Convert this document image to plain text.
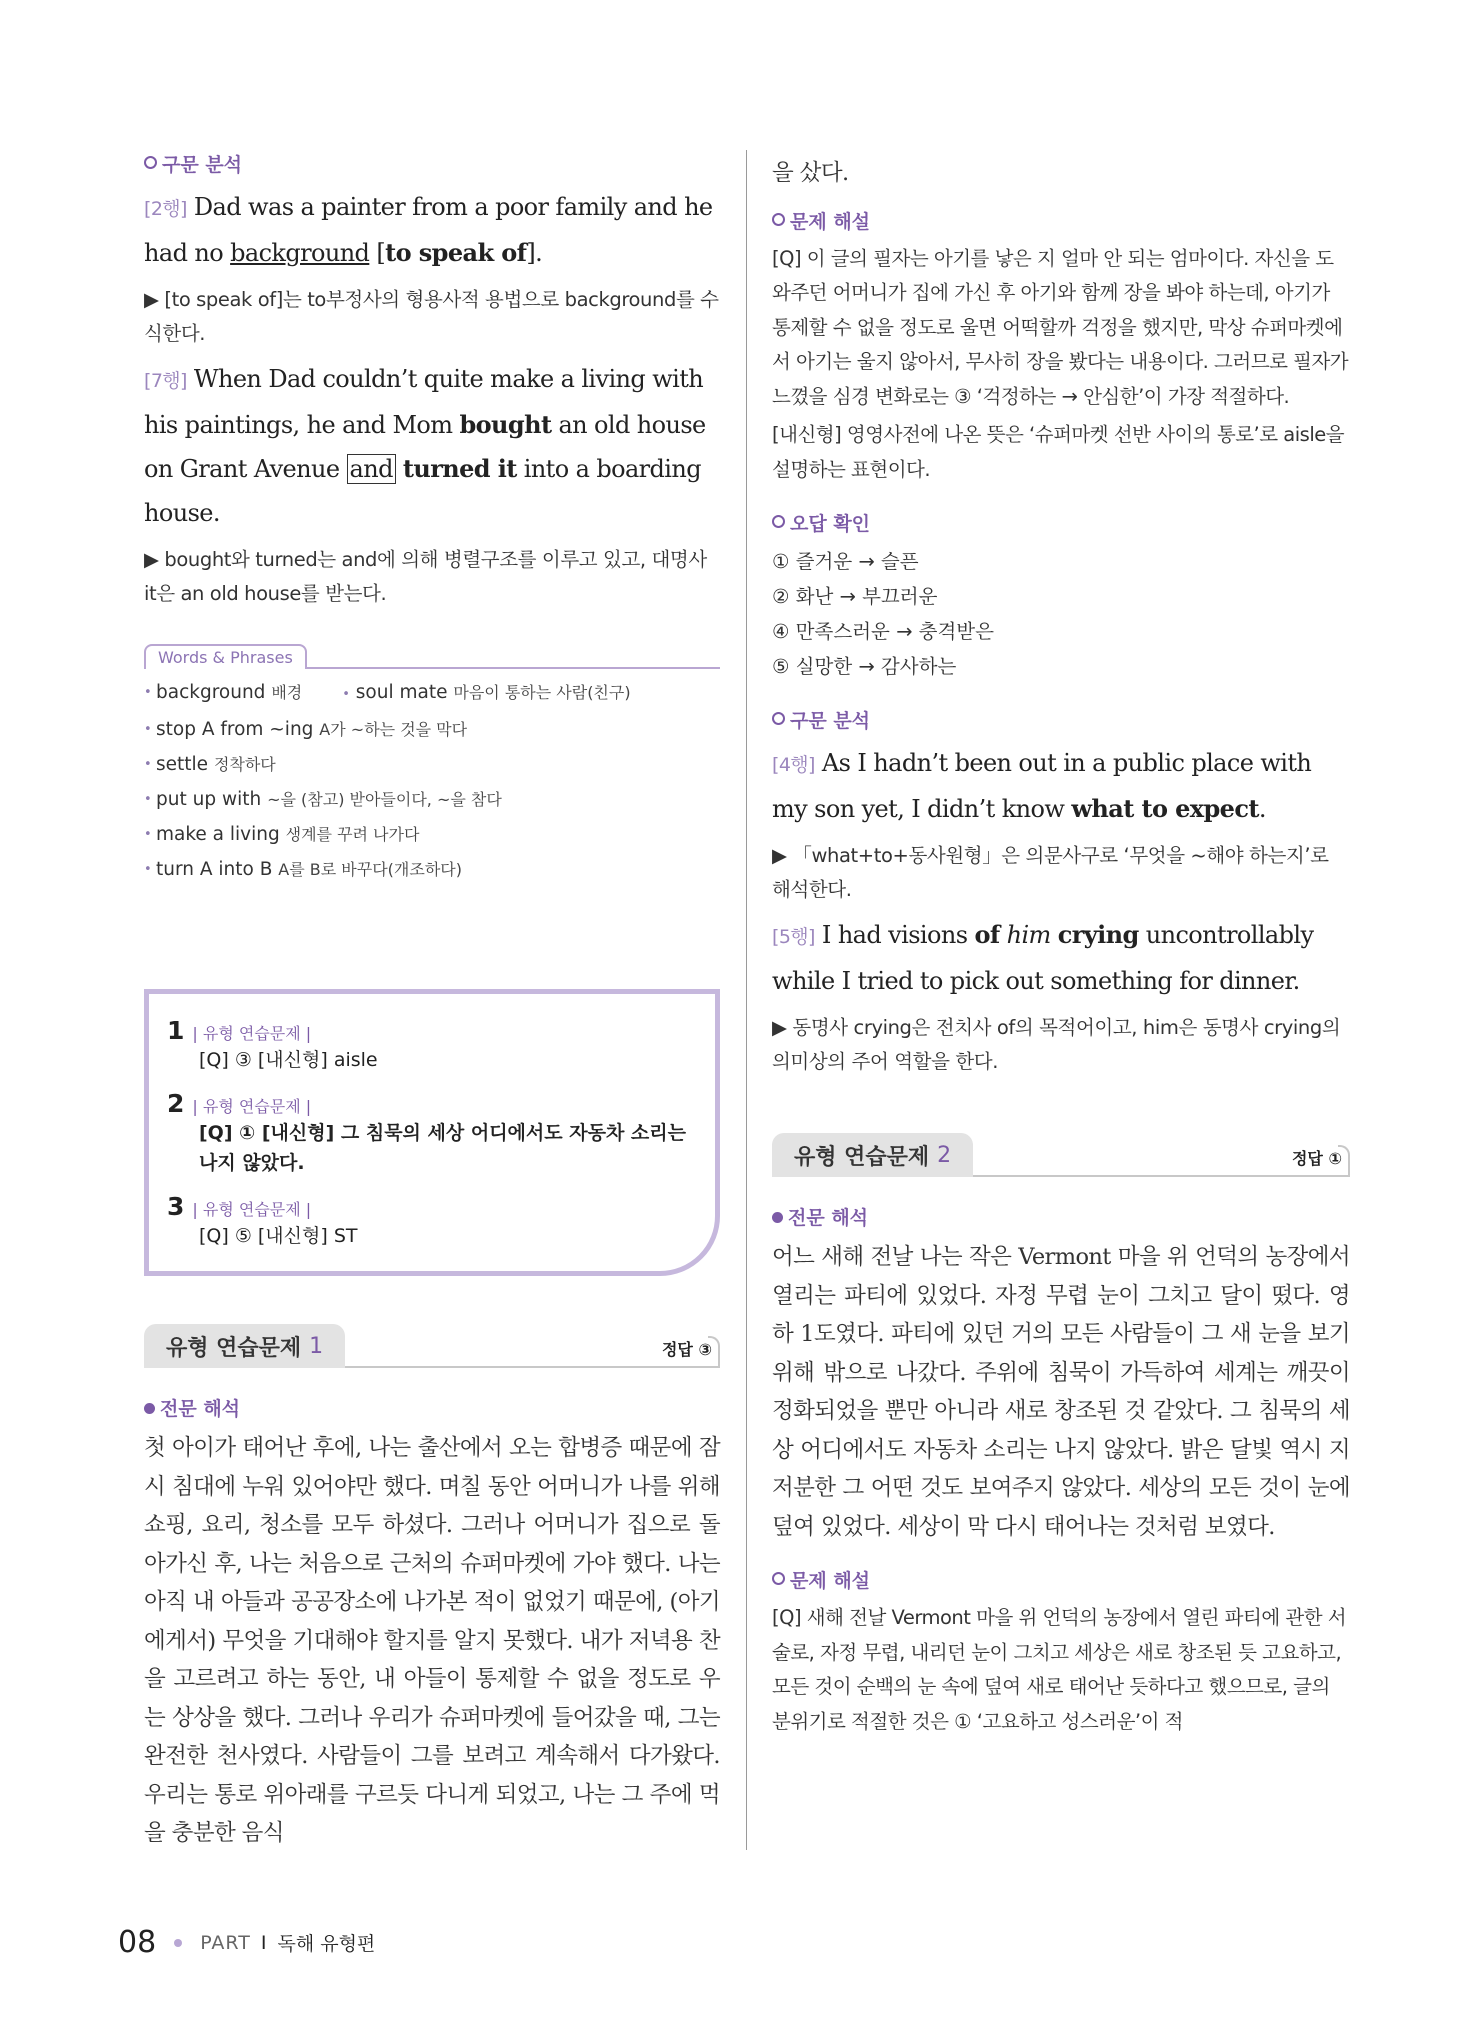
구문 분석
[2행] Dad was a painter from a poor family and he had no background [to speak of].
▶ [to speak of]는 to부정사의 형용사적 용법으로 background를 수식한다.
[7행] When Dad couldn’t quite make a living with his paintings, he and Mom bought an old house on Grant Avenue and turned it into a boarding house.
▶ bought와 turned는 and에 의해 병렬구조를 이루고 있고, 대명사 it은 an old house를 받는다.
Words & Phrases
• background 배경	• soul mate 마음이 통하는 사람(친구)
• stop A from ~ing A가 ~하는 것을 막다
• settle 정착하다
• put up with ~을 (참고) 받아들이다, ~을 참다
• make a living 생계를 꾸려 나가다
• turn A into B A를 B로 바꾸다(개조하다)
1 | 유형 연습문제 |
[Q] ③ [내신형] aisle
2 | 유형 연습문제 |
[Q] ① [내신형] 그 침묵의 세상 어디에서도 자동차 소리는 나지 않았다.
3 | 유형 연습문제 |
[Q] ⑤ [내신형] ST
유형 연습문제 1	정답 ③
전문 해석

첫 아이가 태어난 후에, 나는 출산에서 오는 합병증 때문에 잠시 침대에 누워 있어야만 했다. 며칠 동안 어머니가 나를 위해 쇼핑, 요리, 청소를 모두 하셨다. 그러나 어머니가 집으로 돌아가신 후, 나는 처음으로 근처의 슈퍼마켓에 가야 했다. 나는 아직 내 아들과 공공장소에 나가본 적이 없었기 때문에, (아기에게서) 무엇을 기대해야 할지를 알지 못했다. 내가 저녁용 찬을 고르려고 하는 동안, 내 아들이 통제할 수 없을 정도로 우는 상상을 했다. 그러나 우리가 슈퍼마켓에 들어갔을 때, 그는 완전한 천사였다. 사람들이 그를 보려고 계속해서 다가왔다. 우리는 통로 위아래를 구르듯 다니게 되었고, 나는 그 주에 먹을 충분한 음식

을 샀다.

문제 해설

[Q] 이 글의 필자는 아기를 낳은 지 얼마 안 되는 엄마이다. 자신을 도와주던 어머니가 집에 가신 후 아기와 함께 장을 봐야 하는데, 아기가 통제할 수 없을 정도로 울면 어떡할까 걱정을 했지만, 막상 슈퍼마켓에서 아기는 울지 않아서, 무사히 장을 봤다는 내용이다. 그러므로 필자가 느꼈을 심경 변화로는 ③ ‘걱정하는 → 안심한’이 가장 적절하다.

[내신형] 영영사전에 나온 뜻은 ‘슈퍼마켓 선반 사이의 통로’로 aisle을 설명하는 표현이다.

오답 확인
① 즐거운 → 슬픈
② 화난 → 부끄러운
④ 만족스러운 → 충격받은
⑤ 실망한 → 감사하는
구문 분석
[4행] As I hadn’t been out in a public place with my son yet, I didn’t know what to expect.
▶ 「what+to+동사원형」은 의문사구로 ‘무엇을 ~해야 하는지’로 해석한다.
[5행] I had visions of him crying uncontrollably while I tried to pick out something for dinner.
▶ 동명사 crying은 전치사 of의 목적어이고, him은 동명사 crying의 의미상의 주어 역할을 한다.
유형 연습문제 2	정답 ①
전문 해석

어느 새해 전날 나는 작은 Vermont 마을 위 언덕의 농장에서 열리는 파티에 있었다. 자정 무렵 눈이 그치고 달이 떴다. 영하 1도였다. 파티에 있던 거의 모든 사람들이 그 새 눈을 보기 위해 밖으로 나갔다. 주위에 침묵이 가득하여 세계는 깨끗이 정화되었을 뿐만 아니라 새로 창조된 것 같았다. 그 침묵의 세상 어디에서도 자동차 소리는 나지 않았다. 밝은 달빛 역시 지저분한 그 어떤 것도 보여주지 않았다. 세상의 모든 것이 눈에 덮여 있었다. 세상이 막 다시 태어나는 것처럼 보였다.

문제 해설

[Q] 새해 전날 Vermont 마을 위 언덕의 농장에서 열린 파티에 관한 서술로, 자정 무렵, 내리던 눈이 그치고 세상은 새로 창조된 듯 고요하고, 모든 것이 순백의 눈 속에 덮여 새로 태어난 듯하다고 했으므로, 글의 분위기로 적절한 것은 ① ‘고요하고 성스러운’이 적

08 PART I 독해 유형편
